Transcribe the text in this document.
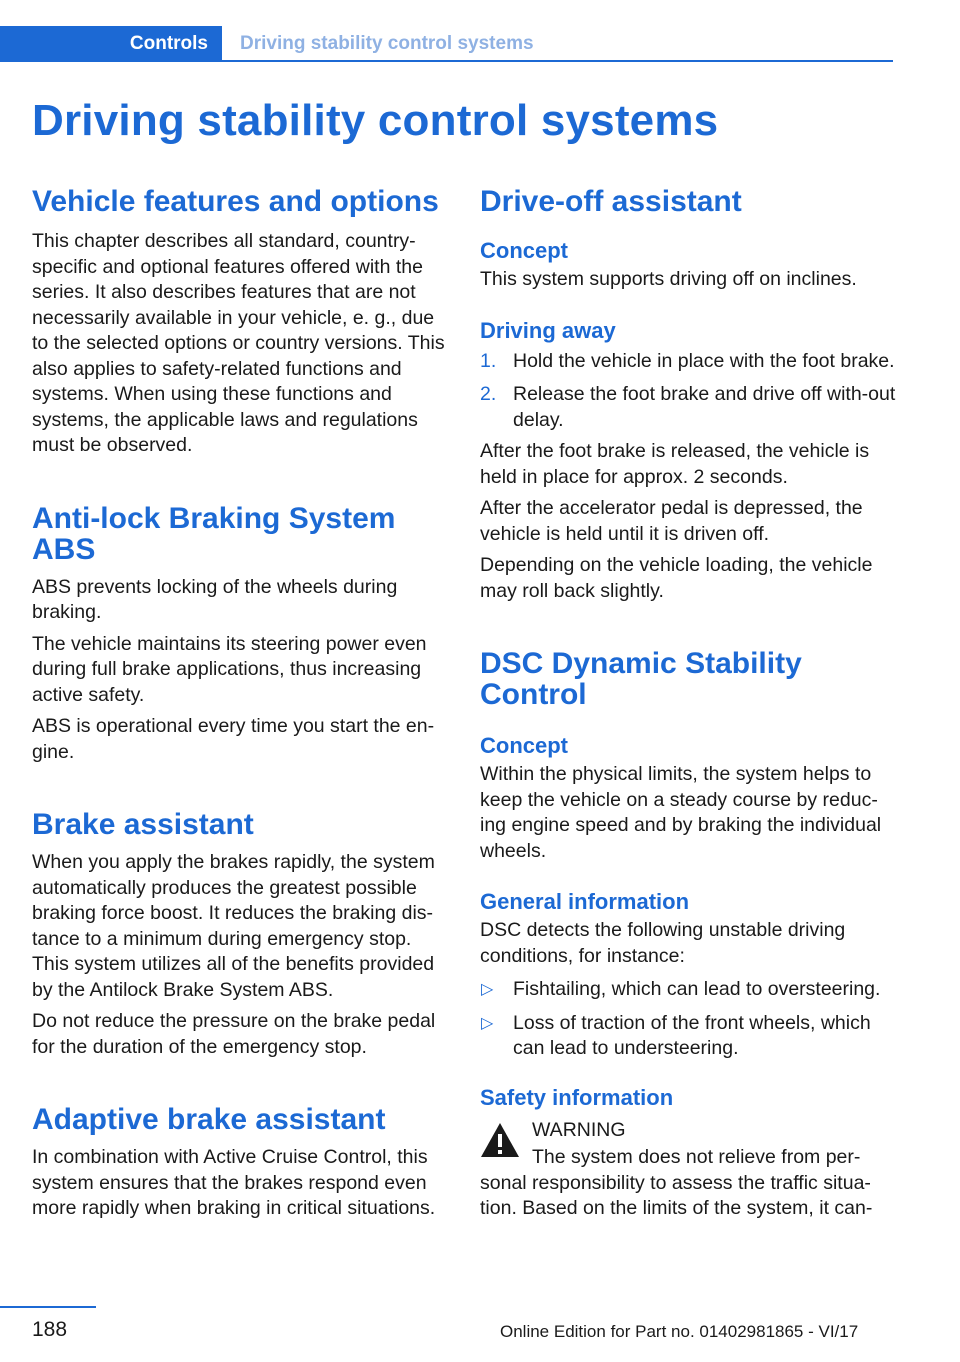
Controls	Driving stability control systems
Driving stability control systems
Vehicle features and options

This chapter describes all standard, country-specific and optional features offered with the series. It also describes features that are not necessarily available in your vehicle, e. g., due to the selected options or country versions. This also applies to safety-related functions and systems. When using these functions and systems, the applicable laws and regulations must be observed.

Anti-lock Braking System ABS

ABS prevents locking of the wheels during braking.

The vehicle maintains its steering power even during full brake applications, thus increasing active safety.

ABS is operational every time you start the en-gine.

Brake assistant

When you apply the brakes rapidly, the system automatically produces the greatest possible braking force boost. It reduces the braking dis-tance to a minimum during emergency stop. This system utilizes all of the benefits provided by the Antilock Brake System ABS.

Do not reduce the pressure on the brake pedal for the duration of the emergency stop.

Adaptive brake assistant

In combination with Active Cruise Control, this system ensures that the brakes respond even more rapidly when braking in critical situations.

Drive-off assistant
Concept

This system supports driving off on inclines.

Driving away
1. Hold the vehicle in place with the foot brake.
2. Release the foot brake and drive off with-out delay.

After the foot brake is released, the vehicle is held in place for approx. 2 seconds.

After the accelerator pedal is depressed, the vehicle is held until it is driven off.

Depending on the vehicle loading, the vehicle may roll back slightly.

DSC Dynamic Stability Control
Concept

Within the physical limits, the system helps to keep the vehicle on a steady course by reduc-ing engine speed and by braking the individual wheels.

General information

DSC detects the following unstable driving conditions, for instance:

▷ Fishtailing, which can lead to oversteering.
▷ Loss of traction of the front wheels, which can lead to understeering.
Safety information

WARNING

The system does not relieve from per-

sonal responsibility to assess the traffic situa-tion. Based on the limits of the system, it can-

188	Online Edition for Part no. 01402981865 - VI/17
